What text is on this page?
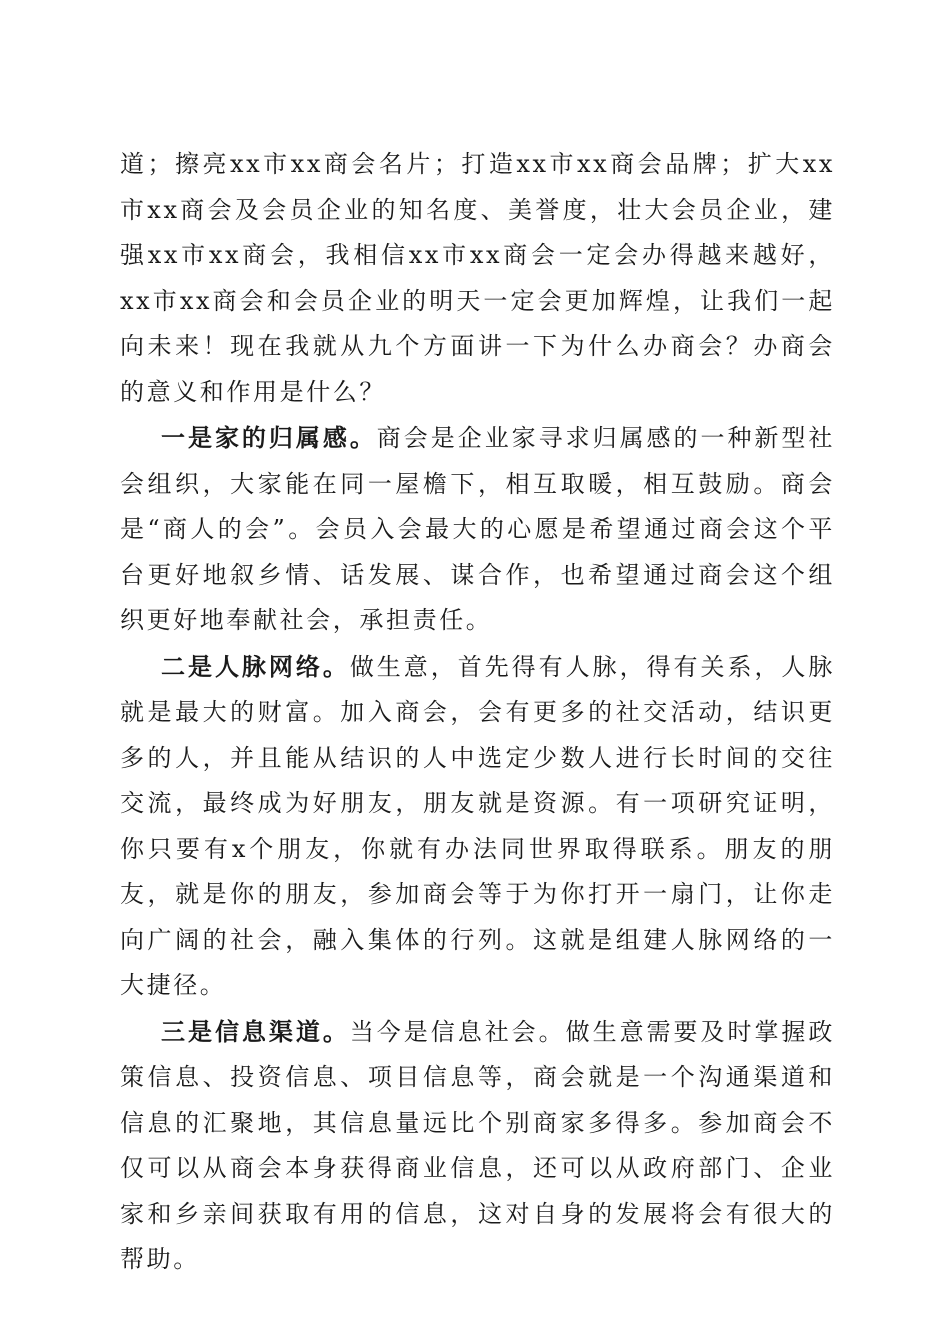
道；擦亮xx市xx商会名片；打造xx市xx商会品牌；扩大xx市xx商会及会员企业的知名度、美誉度，壮大会员企业，建强xx市xx商会，我相信xx市xx商会一定会办得越来越好，xx市xx商会和会员企业的明天一定会更加辉煌，让我们一起向未来！现在我就从九个方面讲一下为什么办商会？办商会的意义和作用是什么？

一是家的归属感。商会是企业家寻求归属感的一种新型社会组织，大家能在同一屋檐下，相互取暖，相互鼓励。商会是“商人的会”。会员入会最大的心愿是希望通过商会这个平台更好地叙乡情、话发展、谋合作，也希望通过商会这个组织更好地奉献社会，承担责任。

二是人脉网络。做生意，首先得有人脉，得有关系，人脉就是最大的财富。加入商会，会有更多的社交活动，结识更多的人，并且能从结识的人中选定少数人进行长时间的交往交流，最终成为好朋友，朋友就是资源。有一项研究证明，你只要有x个朋友，你就有办法同世界取得联系。朋友的朋友，就是你的朋友，参加商会等于为你打开一扇门，让你走向广阔的社会，融入集体的行列。这就是组建人脉网络的一大捷径。

三是信息渠道。当今是信息社会。做生意需要及时掌握政策信息、投资信息、项目信息等，商会就是一个沟通渠道和信息的汇聚地，其信息量远比个别商家多得多。参加商会不仅可以从商会本身获得商业信息，还可以从政府部门、企业家和乡亲间获取有用的信息，这对自身的发展将会有很大的帮助。
